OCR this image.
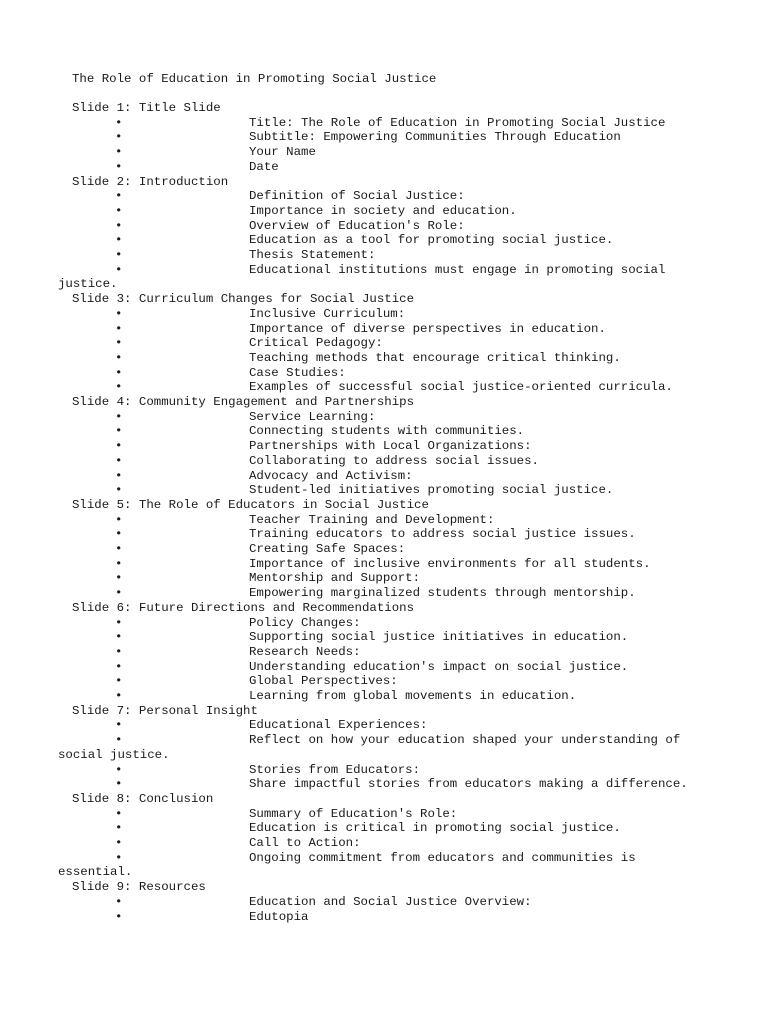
The Role of Education in Promoting Social Justice
Slide 1: Title Slide
•	Title: The Role of Education in Promoting Social Justice
•	Subtitle: Empowering Communities Through Education
•	Your Name
•	Date
Slide 2: Introduction
•	Definition of Social Justice:
•	Importance in society and education.
•	Overview of Education's Role:
•	Education as a tool for promoting social justice.
•	Thesis Statement:
•	Educational institutions must engage in promoting social
justice.
Slide 3: Curriculum Changes for Social Justice
•	Inclusive Curriculum:
•	Importance of diverse perspectives in education.
•	Critical Pedagogy:
•	Teaching methods that encourage critical thinking.
•	Case Studies:
•	Examples of successful social justice-oriented curricula.
Slide 4: Community Engagement and Partnerships
•	Service Learning:
•	Connecting students with communities.
•	Partnerships with Local Organizations:
•	Collaborating to address social issues.
•	Advocacy and Activism:
•	Student-led initiatives promoting social justice.
Slide 5: The Role of Educators in Social Justice
•	Teacher Training and Development:
•	Training educators to address social justice issues.
•	Creating Safe Spaces:
•	Importance of inclusive environments for all students.
•	Mentorship and Support:
•	Empowering marginalized students through mentorship.
Slide 6: Future Directions and Recommendations
•	Policy Changes:
•	Supporting social justice initiatives in education.
•	Research Needs:
•	Understanding education's impact on social justice.
•	Global Perspectives:
•	Learning from global movements in education.
Slide 7: Personal Insight
•	Educational Experiences:
•	Reflect on how your education shaped your understanding of
social justice.
•	Stories from Educators:
•	Share impactful stories from educators making a difference.
Slide 8: Conclusion
•	Summary of Education's Role:
•	Education is critical in promoting social justice.
•	Call to Action:
•	Ongoing commitment from educators and communities is
essential.
Slide 9: Resources
•	Education and Social Justice Overview:
•	Edutopia
